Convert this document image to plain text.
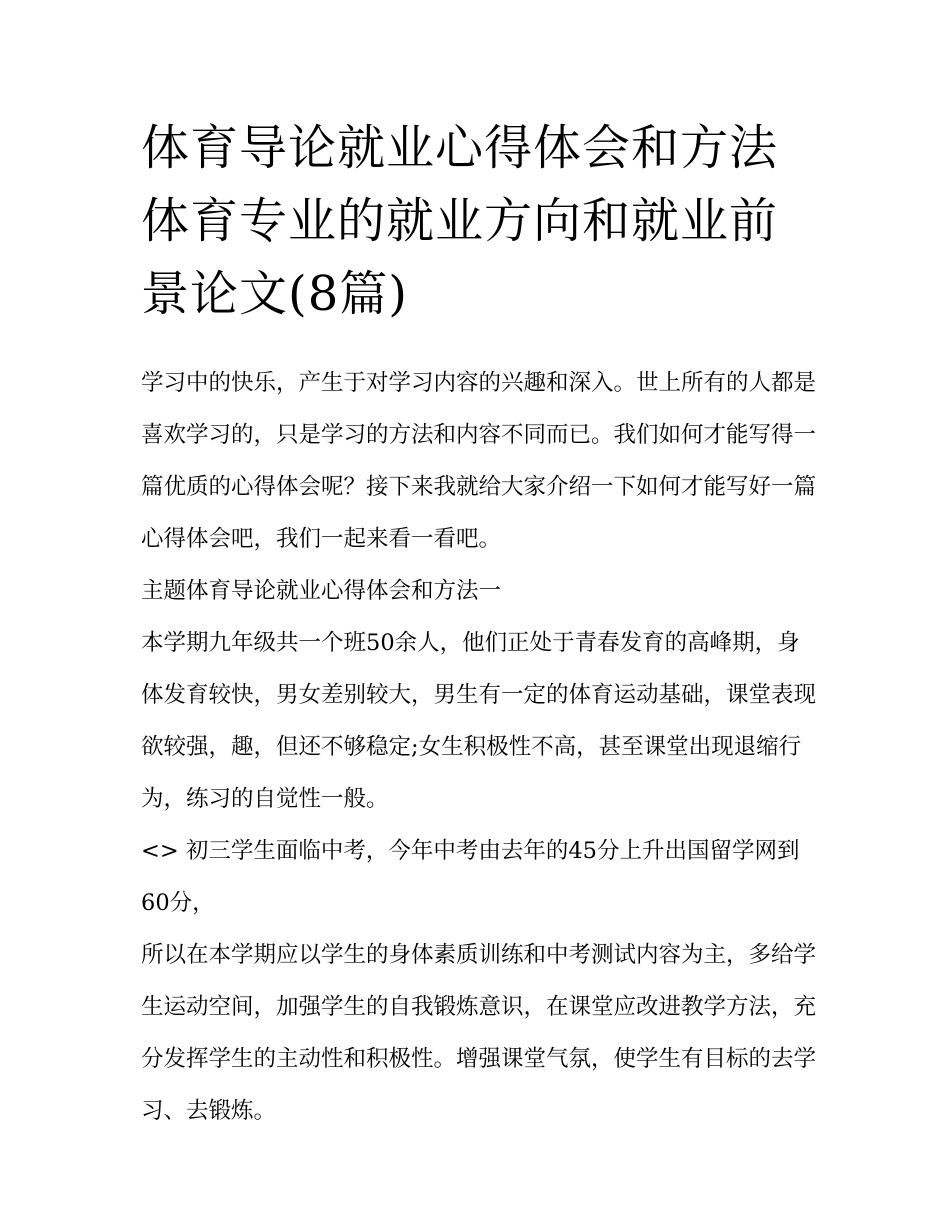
体育导论就业心得体会和方法体育专业的就业方向和就业前景论文(8篇)

学习中的快乐，产生于对学习内容的兴趣和深入。世上所有的人都是喜欢学习的，只是学习的方法和内容不同而已。我们如何才能写得一篇优质的心得体会呢？接下来我就给大家介绍一下如何才能写好一篇心得体会吧，我们一起来看一看吧。

主题体育导论就业心得体会和方法一

本学期九年级共一个班50余人，他们正处于青春发育的高峰期，身体发育较快，男女差别较大，男生有一定的体育运动基础，课堂表现欲较强，趣，但还不够稳定;女生积极性不高，甚至课堂出现退缩行为，练习的自觉性一般。

<> 初三学生面临中考，今年中考由去年的45分上升出国留学网到60分，

所以在本学期应以学生的身体素质训练和中考测试内容为主，多给学生运动空间，加强学生的自我锻炼意识，在课堂应改进教学方法，充分发挥学生的主动性和积极性。增强课堂气氛，使学生有目标的去学习、去锻炼。
